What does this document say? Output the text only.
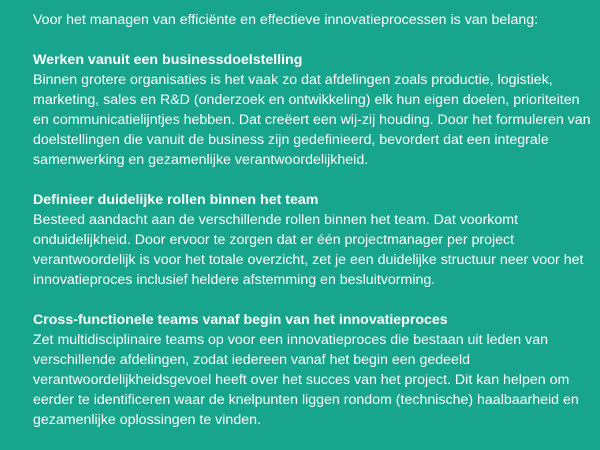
Voor het managen van efficiënte en effectieve innovatieprocessen is van belang:

Werken vanuit een businessdoelstelling

Binnen grotere organisaties is het vaak zo dat afdelingen zoals productie, logistiek, marketing, sales en R&D (onderzoek en ontwikkeling) elk hun eigen doelen, prioriteiten en communicatielijntjes hebben. Dat creëert een wij-zij houding. Door het formuleren van doelstellingen die vanuit de business zijn gedefinieerd, bevordert dat een integrale samenwerking en gezamenlijke verantwoordelijkheid.

Definieer duidelijke rollen binnen het team

Besteed aandacht aan de verschillende rollen binnen het team. Dat voorkomt onduidelijkheid. Door ervoor te zorgen dat er één projectmanager per project verantwoordelijk is voor het totale overzicht, zet je een duidelijke structuur neer voor het innovatieproces inclusief heldere afstemming en besluitvorming.

Cross-functionele teams vanaf begin van het innovatieproces

Zet multidisciplinaire teams op voor een innovatieproces die bestaan uit leden van verschillende afdelingen, zodat iedereen vanaf het begin een gedeeld verantwoordelijkheidsgevoel heeft over het succes van het project. Dit kan helpen om eerder te identificeren waar de knelpunten liggen rondom (technische) haalbaarheid en gezamenlijke oplossingen te vinden.
